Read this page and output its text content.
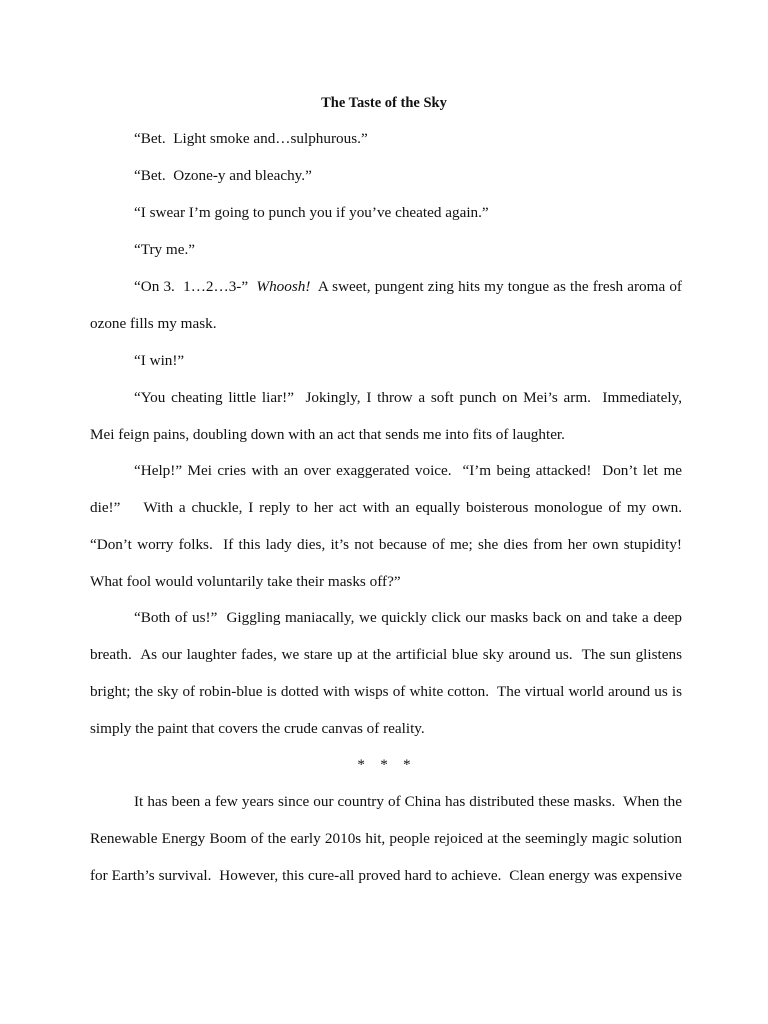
The Taste of the Sky
“Bet.  Light smoke and…sulphurous.”
“Bet.  Ozone-y and bleachy.”
“I swear I’m going to punch you if you’ve cheated again.”
“Try me.”
“On 3.  1…2…3-”  Whoosh!  A sweet, pungent zing hits my tongue as the fresh aroma of
ozone fills my mask.
“I win!”
“You cheating little liar!”  Jokingly, I throw a soft punch on Mei’s arm.  Immediately,
Mei feign pains, doubling down with an act that sends me into fits of laughter.
“Help!” Mei cries with an over exaggerated voice.  “I’m being attacked!  Don’t let me
die!”    With a chuckle, I reply to her act with an equally boisterous monologue of my own.
“Don’t worry folks.  If this lady dies, it’s not because of me; she dies from her own stupidity!
What fool would voluntarily take their masks off?”
“Both of us!”  Giggling maniacally, we quickly click our masks back on and take a deep
breath.  As our laughter fades, we stare up at the artificial blue sky around us.  The sun glistens
bright; the sky of robin-blue is dotted with wisps of white cotton.  The virtual world around us is
simply the paint that covers the crude canvas of reality.
*    *    *
It has been a few years since our country of China has distributed these masks.  When the
Renewable Energy Boom of the early 2010s hit, people rejoiced at the seemingly magic solution
for Earth’s survival.  However, this cure-all proved hard to achieve.  Clean energy was expensive
